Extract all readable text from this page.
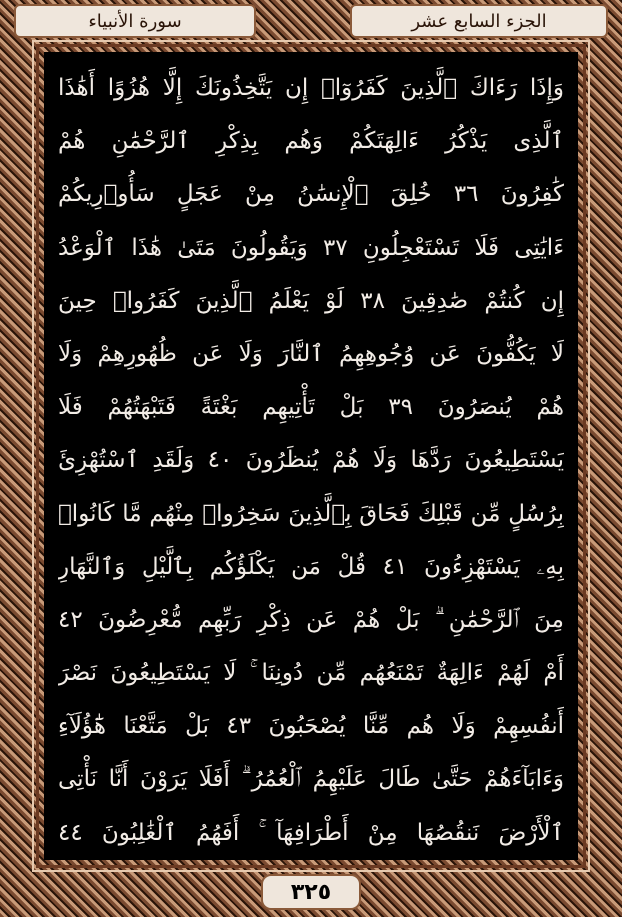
الجزء السابع عشر
سورة الأنبياء
وَإِذَا رَءَاكَ ٱلَّذِينَ كَفَرُوٓا۟ إِن يَتَّخِذُونَكَ إِلَّا هُزُوًا أَهَٰذَا
ٱلَّذِى يَذْكُرُ ءَالِهَتَكُمْ وَهُم بِذِكْرِ ٱلرَّحْمَٰنِ هُمْ
كَٰفِرُونَ ٣٦ خُلِقَ ٱلْإِنسَٰنُ مِنْ عَجَلٍ سَأُو۟رِيكُمْ
ءَايَٰتِى فَلَا تَسْتَعْجِلُونِ ٣٧ وَيَقُولُونَ مَتَىٰ هَٰذَا ٱلْوَعْدُ
إِن كُنتُمْ صَٰدِقِينَ ٣٨ لَوْ يَعْلَمُ ٱلَّذِينَ كَفَرُوا۟ حِينَ
لَا يَكُفُّونَ عَن وُجُوهِهِمُ ٱلنَّارَ وَلَا عَن ظُهُورِهِمْ وَلَا
هُمْ يُنصَرُونَ ٣٩ بَلْ تَأْتِيهِم بَغْتَةً فَتَبْهَتُهُمْ فَلَا
يَسْتَطِيعُونَ رَدَّهَا وَلَا هُمْ يُنظَرُونَ ٤٠ وَلَقَدِ ٱسْتُهْزِئَ
بِرُسُلٍ مِّن قَبْلِكَ فَحَاقَ بِٱلَّذِينَ سَخِرُوا۟ مِنْهُم مَّا كَانُوا۟
بِهِۦ يَسْتَهْزِءُونَ ٤١ قُلْ مَن يَكْلَؤُكُم بِٱلَّيْلِ وَٱلنَّهَارِ
مِنَ ٱلرَّحْمَٰنِ ۗ بَلْ هُمْ عَن ذِكْرِ رَبِّهِم مُّعْرِضُونَ ٤٢
أَمْ لَهُمْ ءَالِهَةٌ تَمْنَعُهُم مِّن دُونِنَا ۚ لَا يَسْتَطِيعُونَ نَصْرَ
أَنفُسِهِمْ وَلَا هُم مِّنَّا يُصْحَبُونَ ٤٣ بَلْ مَتَّعْنَا هَٰٓؤُلَآءِ
وَءَابَآءَهُمْ حَتَّىٰ طَالَ عَلَيْهِمُ ٱلْعُمُرُ ۗ أَفَلَا يَرَوْنَ أَنَّا نَأْتِى
ٱلْأَرْضَ نَنقُصُهَا مِنْ أَطْرَافِهَآ ۚ أَفَهُمُ ٱلْغَٰلِبُونَ ٤٤
٣٢٥
